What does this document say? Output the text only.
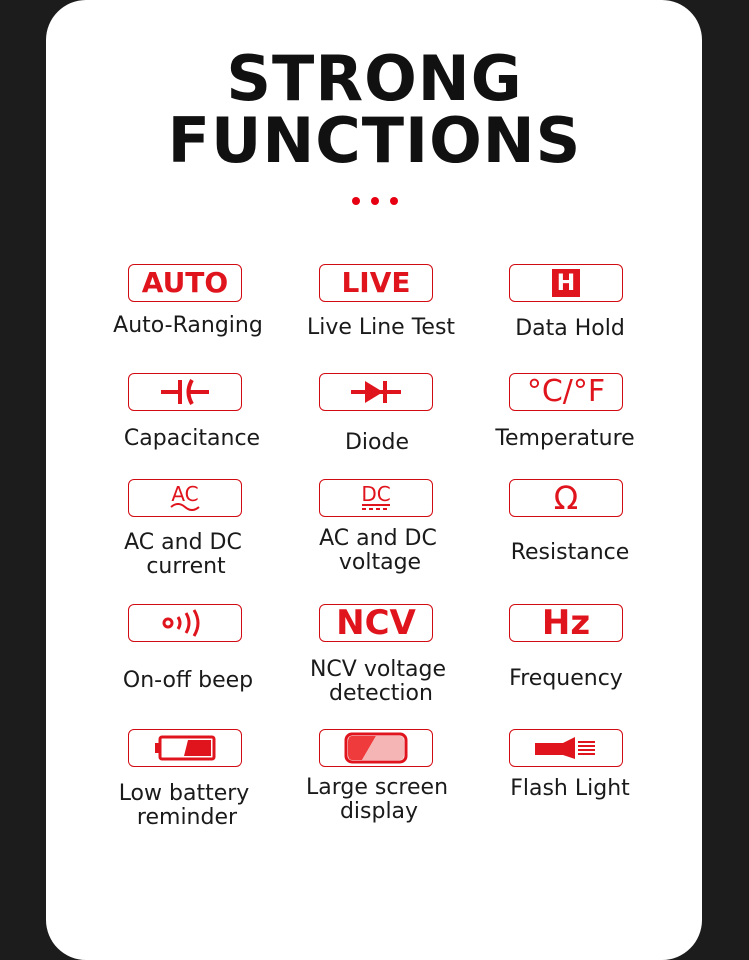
STRONG
FUNCTIONS
AUTO
Auto-Ranging
LIVE
Live Line Test
H
Data Hold
Capacitance	Diode
°C/°F
Temperature
AC
AC and DC
current
DC
AC and DC
voltage
Ω
Resistance
On-off beep
NCV
NCV voltage
detection
Hz
Frequency
Low battery
reminder
Large screen
display
Flash Light
